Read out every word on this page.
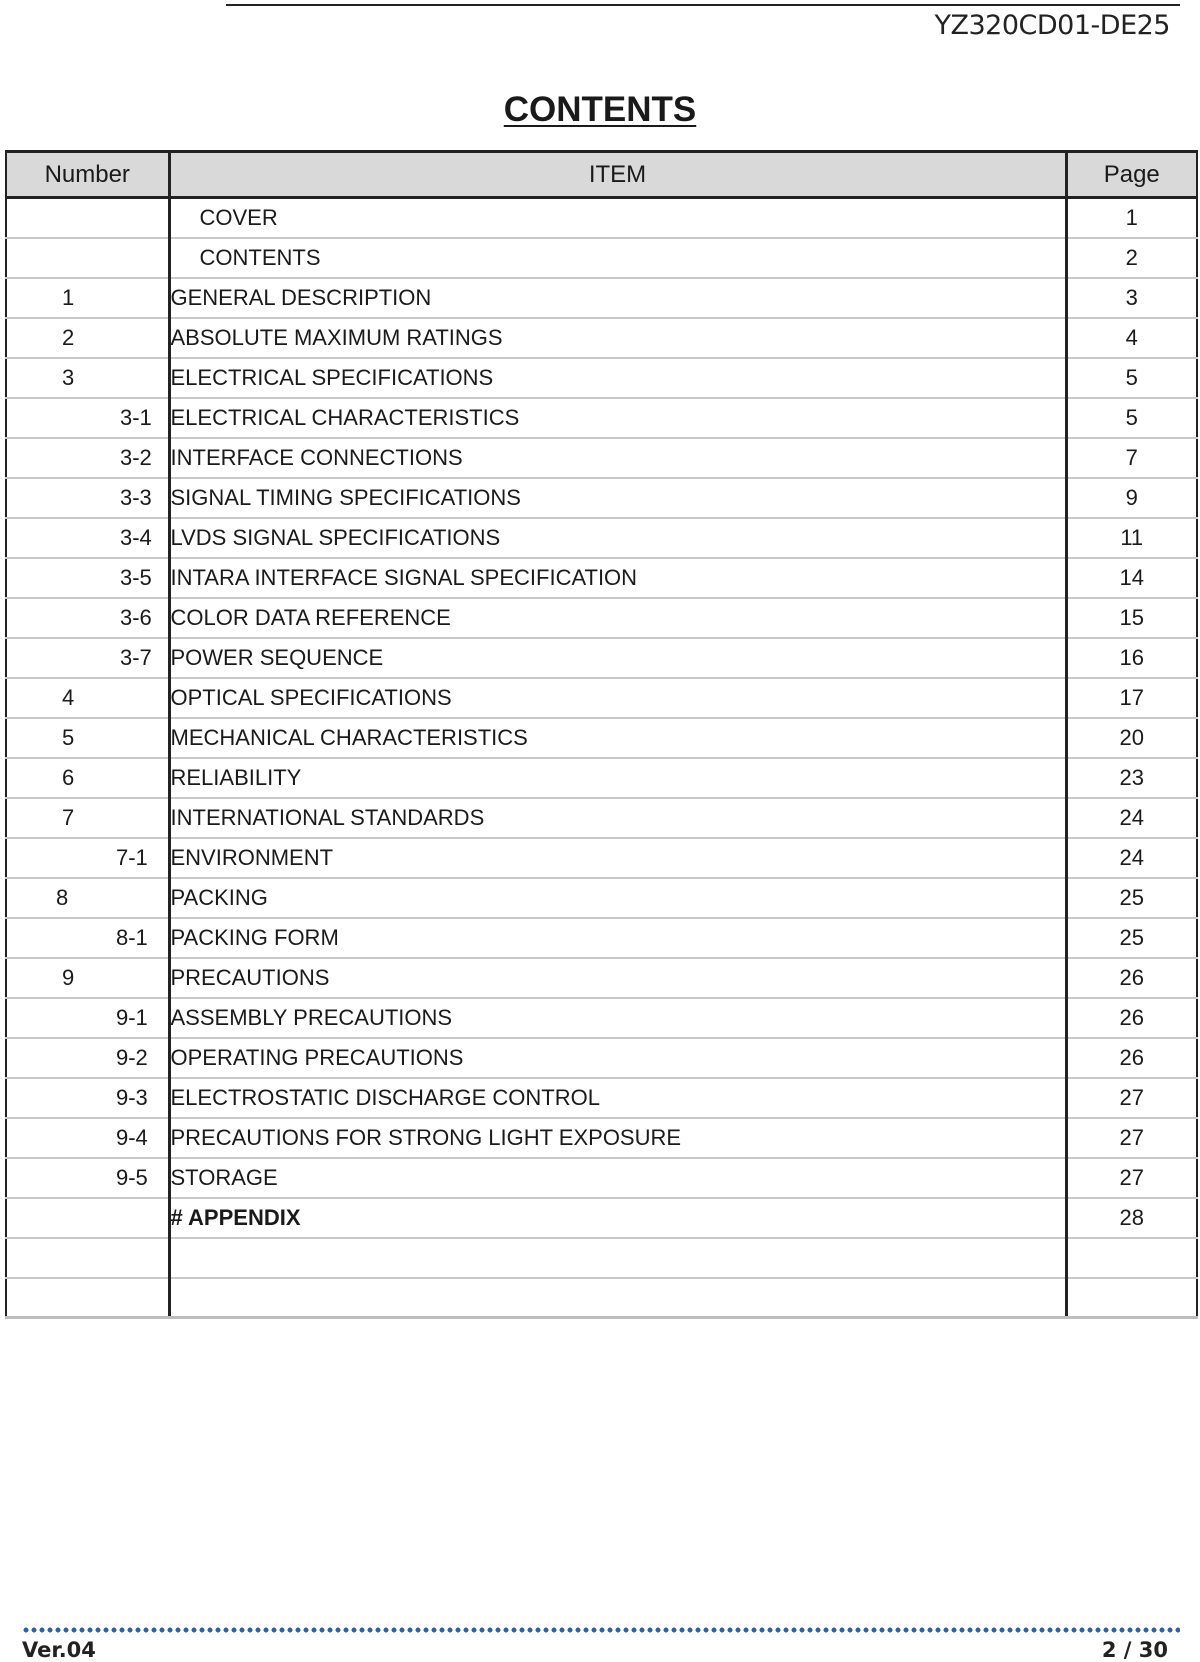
YZ320CD01-DE25
CONTENTS
Number	ITEM	Page
	COVER	1
	CONTENTS	2
1	GENERAL DESCRIPTION	3
2	ABSOLUTE MAXIMUM RATINGS	4
3	ELECTRICAL SPECIFICATIONS	5
3-1	ELECTRICAL CHARACTERISTICS	5
3-2	INTERFACE CONNECTIONS	7
3-3	SIGNAL TIMING SPECIFICATIONS	9
3-4	LVDS SIGNAL SPECIFICATIONS	11
3-5	INTARA INTERFACE SIGNAL SPECIFICATION	14
3-6	COLOR DATA REFERENCE	15
3-7	POWER SEQUENCE	16
4	OPTICAL SPECIFICATIONS	17
5	MECHANICAL CHARACTERISTICS	20
6	RELIABILITY	23
7	INTERNATIONAL STANDARDS	24
7-1	ENVIRONMENT	24
8	PACKING	25
8-1	PACKING FORM	25
9	PRECAUTIONS	26
9-1	ASSEMBLY PRECAUTIONS	26
9-2	OPERATING PRECAUTIONS	26
9-3	ELECTROSTATIC DISCHARGE CONTROL	27
9-4	PRECAUTIONS FOR STRONG LIGHT EXPOSURE	27
9-5	STORAGE	27
	# APPENDIX	28

Ver.04	2 / 30
